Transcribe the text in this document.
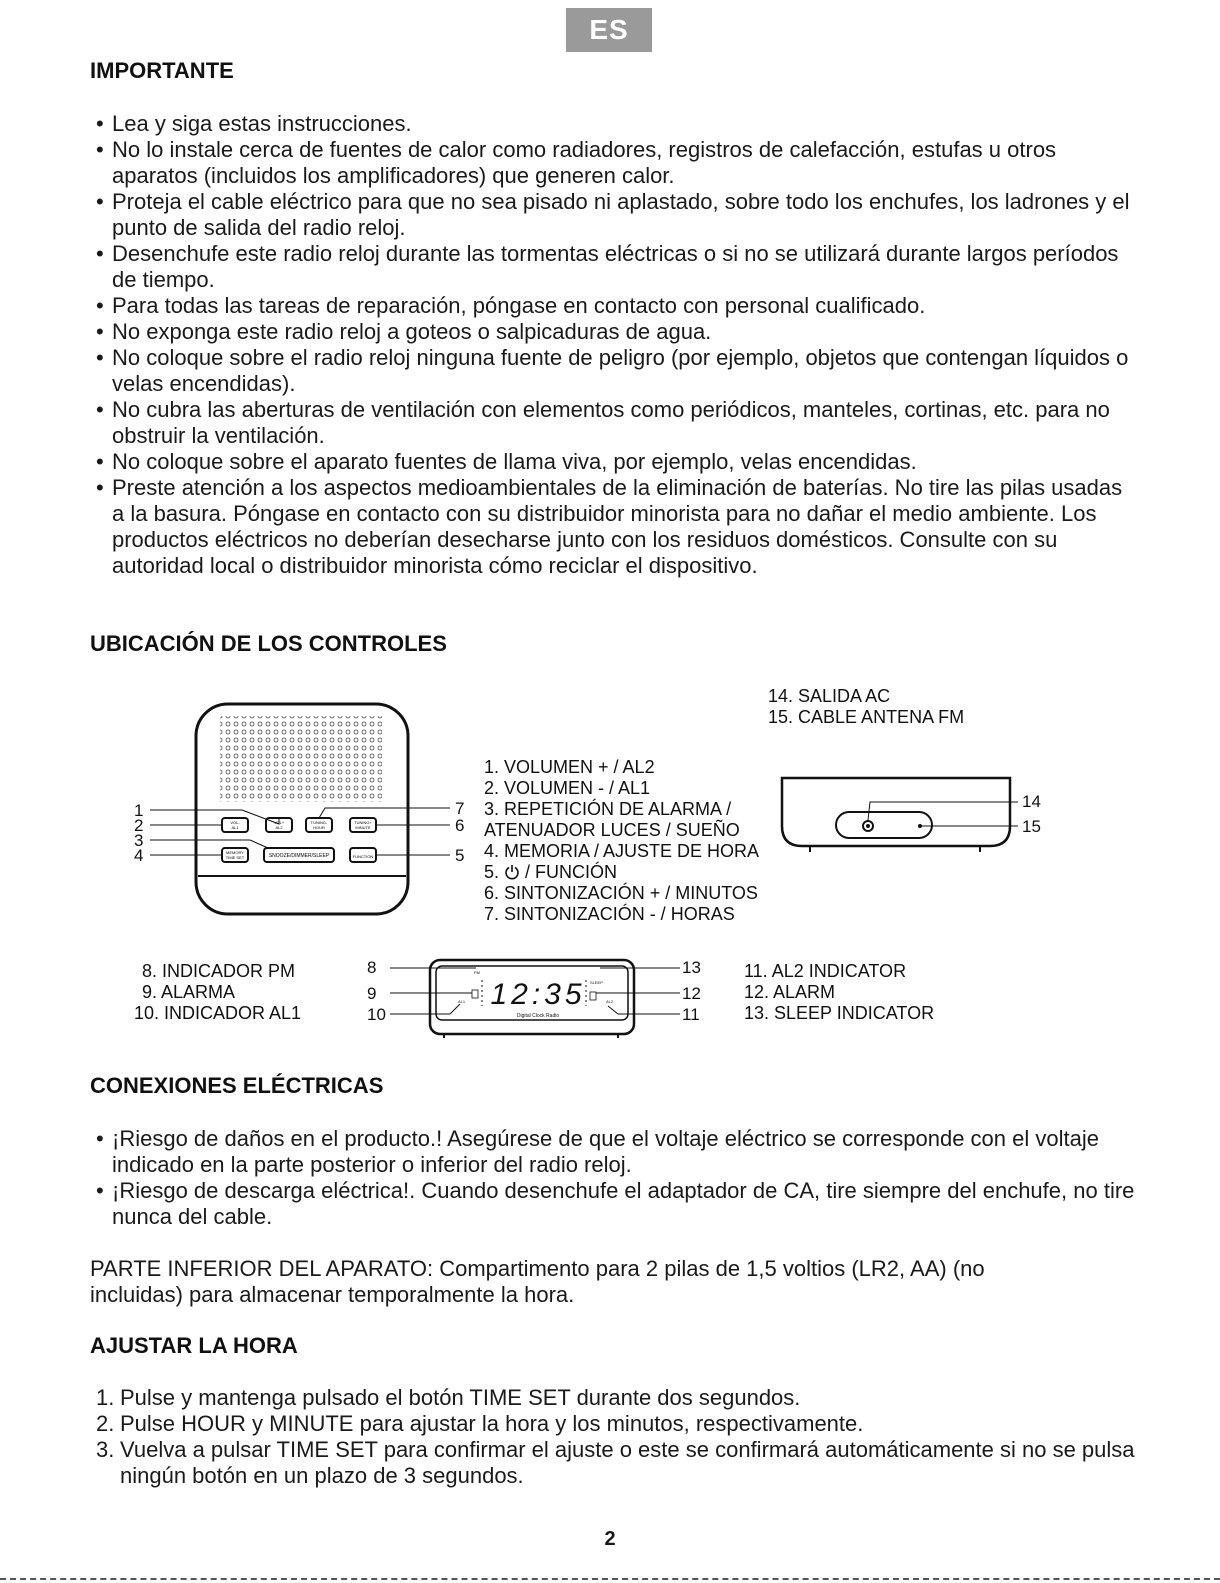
ES
IMPORTANTE
• Lea y siga estas instrucciones.
• No lo instale cerca de fuentes de calor como radiadores, registros de calefacción, estufas u otros aparatos (incluidos los amplificadores) que generen calor.
• Proteja el cable eléctrico para que no sea pisado ni aplastado, sobre todo los enchufes, los ladrones y el punto de salida del radio reloj.
• Desenchufe este radio reloj durante las tormentas eléctricas o si no se utilizará durante largos períodos de tiempo.
• Para todas las tareas de reparación, póngase en contacto con personal cualificado.
• No exponga este radio reloj a goteos o salpicaduras de agua.
• No coloque sobre el radio reloj ninguna fuente de peligro (por ejemplo, objetos que contengan líquidos o velas encendidas).
• No cubra las aberturas de ventilación con elementos como periódicos, manteles, cortinas, etc. para no obstruir la ventilación.
• No coloque sobre el aparato fuentes de llama viva, por ejemplo, velas encendidas.
• Preste atención a los aspectos medioambientales de la eliminación de baterías. No tire las pilas usadas a la basura. Póngase en contacto con su distribuidor minorista para no dañar el medio ambiente. Los productos eléctricos no deberían desecharse junto con los residuos domésticos. Consulte con su autoridad local o distribuidor minorista cómo reciclar el dispositivo.
UBICACIÓN DE LOS CONTROLES
VOL-
AL1
VOL+
AL2
TUNING-
HOUR
TUNING+
MINUTE
MEMORY
TIME SET	SNOOZE/DIMMER/SLEEP	FUNCTION
1
2
3
4
7
6
5
1. VOLUMEN + / AL2
2. VOLUMEN - / AL1
3. REPETICIÓN DE ALARMA /
ATENUADOR LUCES / SUEÑO
4. MEMORIA / AJUSTE DE HORA
5.  / FUNCIÓN
6. SINTONIZACIÓN + / MINUTOS
7. SINTONIZACIÓN - / HORAS
14. SALIDA AC
15. CABLE ANTENA FM
14
15
8. INDICADOR PM
9. ALARMA
10. INDICADOR AL1
12:35
Digital Clock Radio
PM
AL1
SLEEP
AL2
8
9
10
13
12
11
11. AL2 INDICATOR
12. ALARM
13. SLEEP INDICATOR
CONEXIONES ELÉCTRICAS
• ¡Riesgo de daños en el producto.! Asegúrese de que el voltaje eléctrico se corresponde con el voltaje indicado en la parte posterior o inferior del radio reloj.
• ¡Riesgo de descarga eléctrica!. Cuando desenchufe el adaptador de CA, tire siempre del enchufe, no tire nunca del cable.

PARTE INFERIOR DEL APARATO: Compartimento para 2 pilas de 1,5 voltios (LR2, AA) (no incluidas) para almacenar temporalmente la hora.

AJUSTAR LA HORA
1. Pulse y mantenga pulsado el botón TIME SET durante dos segundos.
2. Pulse HOUR y MINUTE para ajustar la hora y los minutos, respectivamente.
3. Vuelva a pulsar TIME SET para confirmar el ajuste o este se confirmará automáticamente si no se pulsa ningún botón en un plazo de 3 segundos.
2
